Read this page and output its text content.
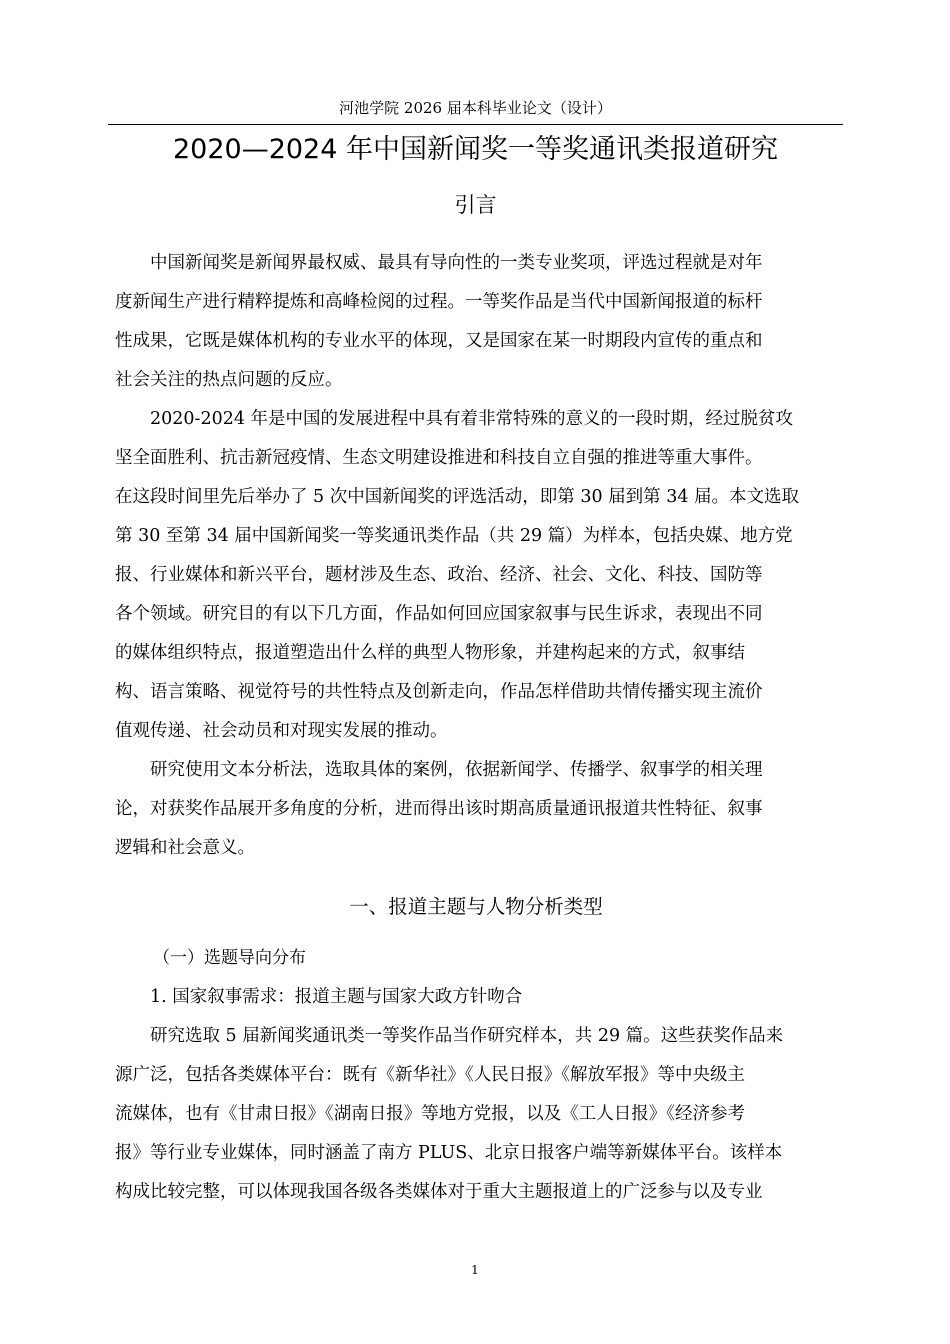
河池学院 2026 届本科毕业论文（设计）
2020—2024 年中国新闻奖一等奖通讯类报道研究
引言

中国新闻奖是新闻界最权威、最具有导向性的一类专业奖项，评选过程就是对年
度新闻生产进行精粹提炼和高峰检阅的过程。一等奖作品是当代中国新闻报道的标杆
性成果，它既是媒体机构的专业水平的体现，又是国家在某一时期段内宣传的重点和
社会关注的热点问题的反应。

2020-2024 年是中国的发展进程中具有着非常特殊的意义的一段时期，经过脱贫攻
坚全面胜利、抗击新冠疫情、生态文明建设推进和科技自立自强的推进等重大事件。
在这段时间里先后举办了 5 次中国新闻奖的评选活动，即第 30 届到第 34 届。本文选取
第 30 至第 34 届中国新闻奖一等奖通讯类作品（共 29 篇）为样本，包括央媒、地方党
报、行业媒体和新兴平台，题材涉及生态、政治、经济、社会、文化、科技、国防等
各个领域。研究目的有以下几方面，作品如何回应国家叙事与民生诉求，表现出不同
的媒体组织特点，报道塑造出什么样的典型人物形象，并建构起来的方式，叙事结
构、语言策略、视觉符号的共性特点及创新走向，作品怎样借助共情传播实现主流价
值观传递、社会动员和对现实发展的推动。

研究使用文本分析法，选取具体的案例，依据新闻学、传播学、叙事学的相关理
论，对获奖作品展开多角度的分析，进而得出该时期高质量通讯报道共性特征、叙事
逻辑和社会意义。

一、报道主题与人物分析类型
（一）选题导向分布
1. 国家叙事需求：报道主题与国家大政方针吻合

研究选取 5 届新闻奖通讯类一等奖作品当作研究样本，共 29 篇。这些获奖作品来
源广泛，包括各类媒体平台：既有《新华社》《人民日报》《解放军报》等中央级主
流媒体，也有《甘肃日报》《湖南日报》等地方党报，以及《工人日报》《经济参考
报》等行业专业媒体，同时涵盖了南方 PLUS、北京日报客户端等新媒体平台。该样本
构成比较完整，可以体现我国各级各类媒体对于重大主题报道上的广泛参与以及专业

1
